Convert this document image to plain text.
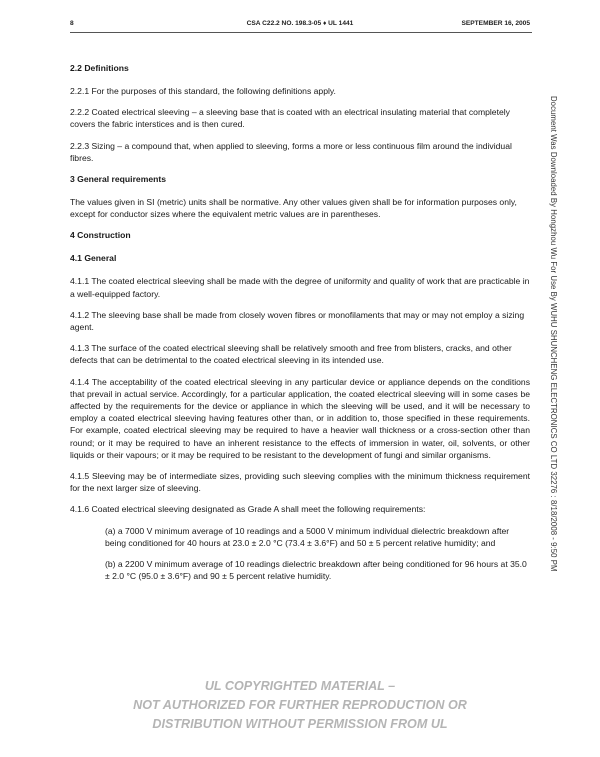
8	CSA C22.2 NO. 198.3-05 ♦ UL 1441	SEPTEMBER 16, 2005
2.2 Definitions

2.2.1 For the purposes of this standard, the following definitions apply.

2.2.2 Coated electrical sleeving – a sleeving base that is coated with an electrical insulating material that completely covers the fabric interstices and is then cured.

2.2.3 Sizing – a compound that, when applied to sleeving, forms a more or less continuous film around the individual fibres.

3 General requirements

The values given in SI (metric) units shall be normative. Any other values given shall be for information purposes only, except for conductor sizes where the equivalent metric values are in parentheses.

4 Construction
4.1 General

4.1.1 The coated electrical sleeving shall be made with the degree of uniformity and quality of work that are practicable in a well-equipped factory.

4.1.2 The sleeving base shall be made from closely woven fibres or monofilaments that may or may not employ a sizing agent.

4.1.3 The surface of the coated electrical sleeving shall be relatively smooth and free from blisters, cracks, and other defects that can be detrimental to the coated electrical sleeving in its intended use.

4.1.4 The acceptability of the coated electrical sleeving in any particular device or appliance depends on the conditions that prevail in actual service. Accordingly, for a particular application, the coated electrical sleeving will in some cases be affected by the requirements for the device or appliance in which the sleeving will be used, and it will be necessary to employ a coated electrical sleeving having features other than, or in addition to, those specified in these requirements. For example, coated electrical sleeving may be required to have a heavier wall thickness or a cross-section other than round; or it may be required to have an inherent resistance to the effects of immersion in water, oil, solvents, or other liquids or their vapours; or it may be required to be resistant to the development of fungi and similar organisms.

4.1.5 Sleeving may be of intermediate sizes, providing such sleeving complies with the minimum thickness requirement for the next larger size of sleeving.

4.1.6 Coated electrical sleeving designated as Grade A shall meet the following requirements:

(a) a 7000 V minimum average of 10 readings and a 5000 V minimum individual dielectric breakdown after being conditioned for 40 hours at 23.0 ± 2.0 °C (73.4 ± 3.6°F) and 50 ± 5 percent relative humidity; and

(b) a 2200 V minimum average of 10 readings dielectric breakdown after being conditioned for 96 hours at 35.0 ± 2.0 °C (95.0 ± 3.6°F) and 90 ± 5 percent relative humidity.

Document Was Downloaded By Hongzhou Wu For Use By WUHU SHUNCHENG ELECTRONICS CO LTD 32276 : 8/18/2008 - 9:50 PM
UL COPYRIGHTED MATERIAL –
NOT AUTHORIZED FOR FURTHER REPRODUCTION OR
DISTRIBUTION WITHOUT PERMISSION FROM UL
